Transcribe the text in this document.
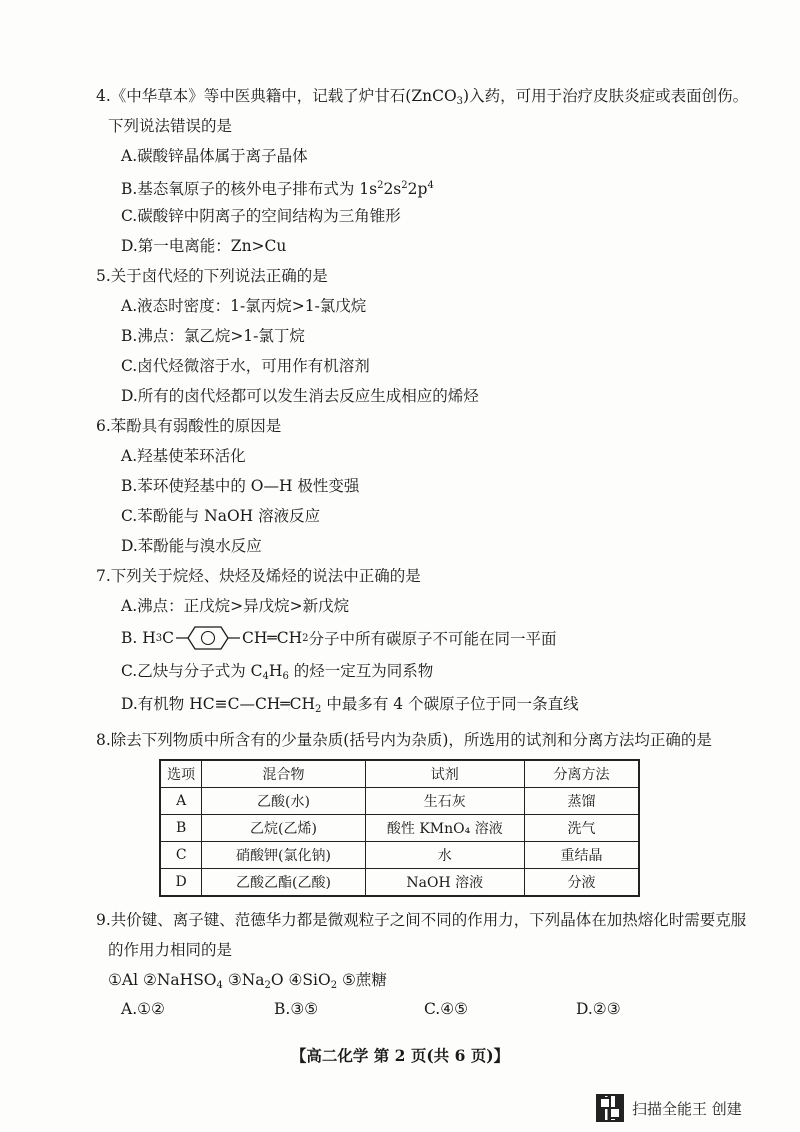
4.《中华草本》等中医典籍中，记载了炉甘石(ZnCO$_3$)入药，可用于治疗皮肤炎症或表面创伤。
下列说法错误的是
A.碳酸锌晶体属于离子晶体
B.基态氧原子的核外电子排布式为 $1s^22s^22p^4$
C.碳酸锌中阴离子的空间结构为三角锥形
D.第一电离能：Zn>Cu
5.关于卤代烃的下列说法正确的是
A.液态时密度：1-氯丙烷>1-氯戊烷
B.沸点：氯乙烷>1-氯丁烷
C.卤代烃微溶于水，可用作有机溶剂
D.所有的卤代烃都可以发生消去反应生成相应的烯烃
6.苯酚具有弱酸性的原因是
A.羟基使苯环活化
B.苯环使羟基中的 O—H 极性变强
C.苯酚能与 NaOH 溶液反应
D.苯酚能与溴水反应
7.下列关于烷烃、炔烃及烯烃的说法中正确的是
A.沸点：正戊烷>异戊烷>新戊烷
B. H 3 C	CH═CH 2 分子中所有碳原子不可能在同一平面
C.乙炔与分子式为 $C_4H_6$ 的烃一定互为同系物
D.有机物 $HC\equiv C—CH═CH_2$ 中最多有 4 个碳原子位于同一条直线
8.除去下列物质中所含有的少量杂质(括号内为杂质)，所选用的试剂和分离方法均正确的是
选项	混合物	试剂	分离方法
A	乙酸(水)	生石灰	蒸馏
B	乙烷(乙烯)	酸性 KMnO₄ 溶液	洗气
C	硝酸钾(氯化钠)	水	重结晶
D	乙酸乙酯(乙酸)	NaOH 溶液	分液
9.共价键、离子键、范德华力都是微观粒子之间不同的作用力，下列晶体在加热熔化时需要克服
的作用力相同的是
①Al ②NaHSO$_4$ $③Na_2O$ ④SiO$_2$ ⑤蔗糖
A.①②	B.③⑤	C.④⑤	D.②③
【高二化学 第 2 页(共 6 页)】
扫描全能王 创建
